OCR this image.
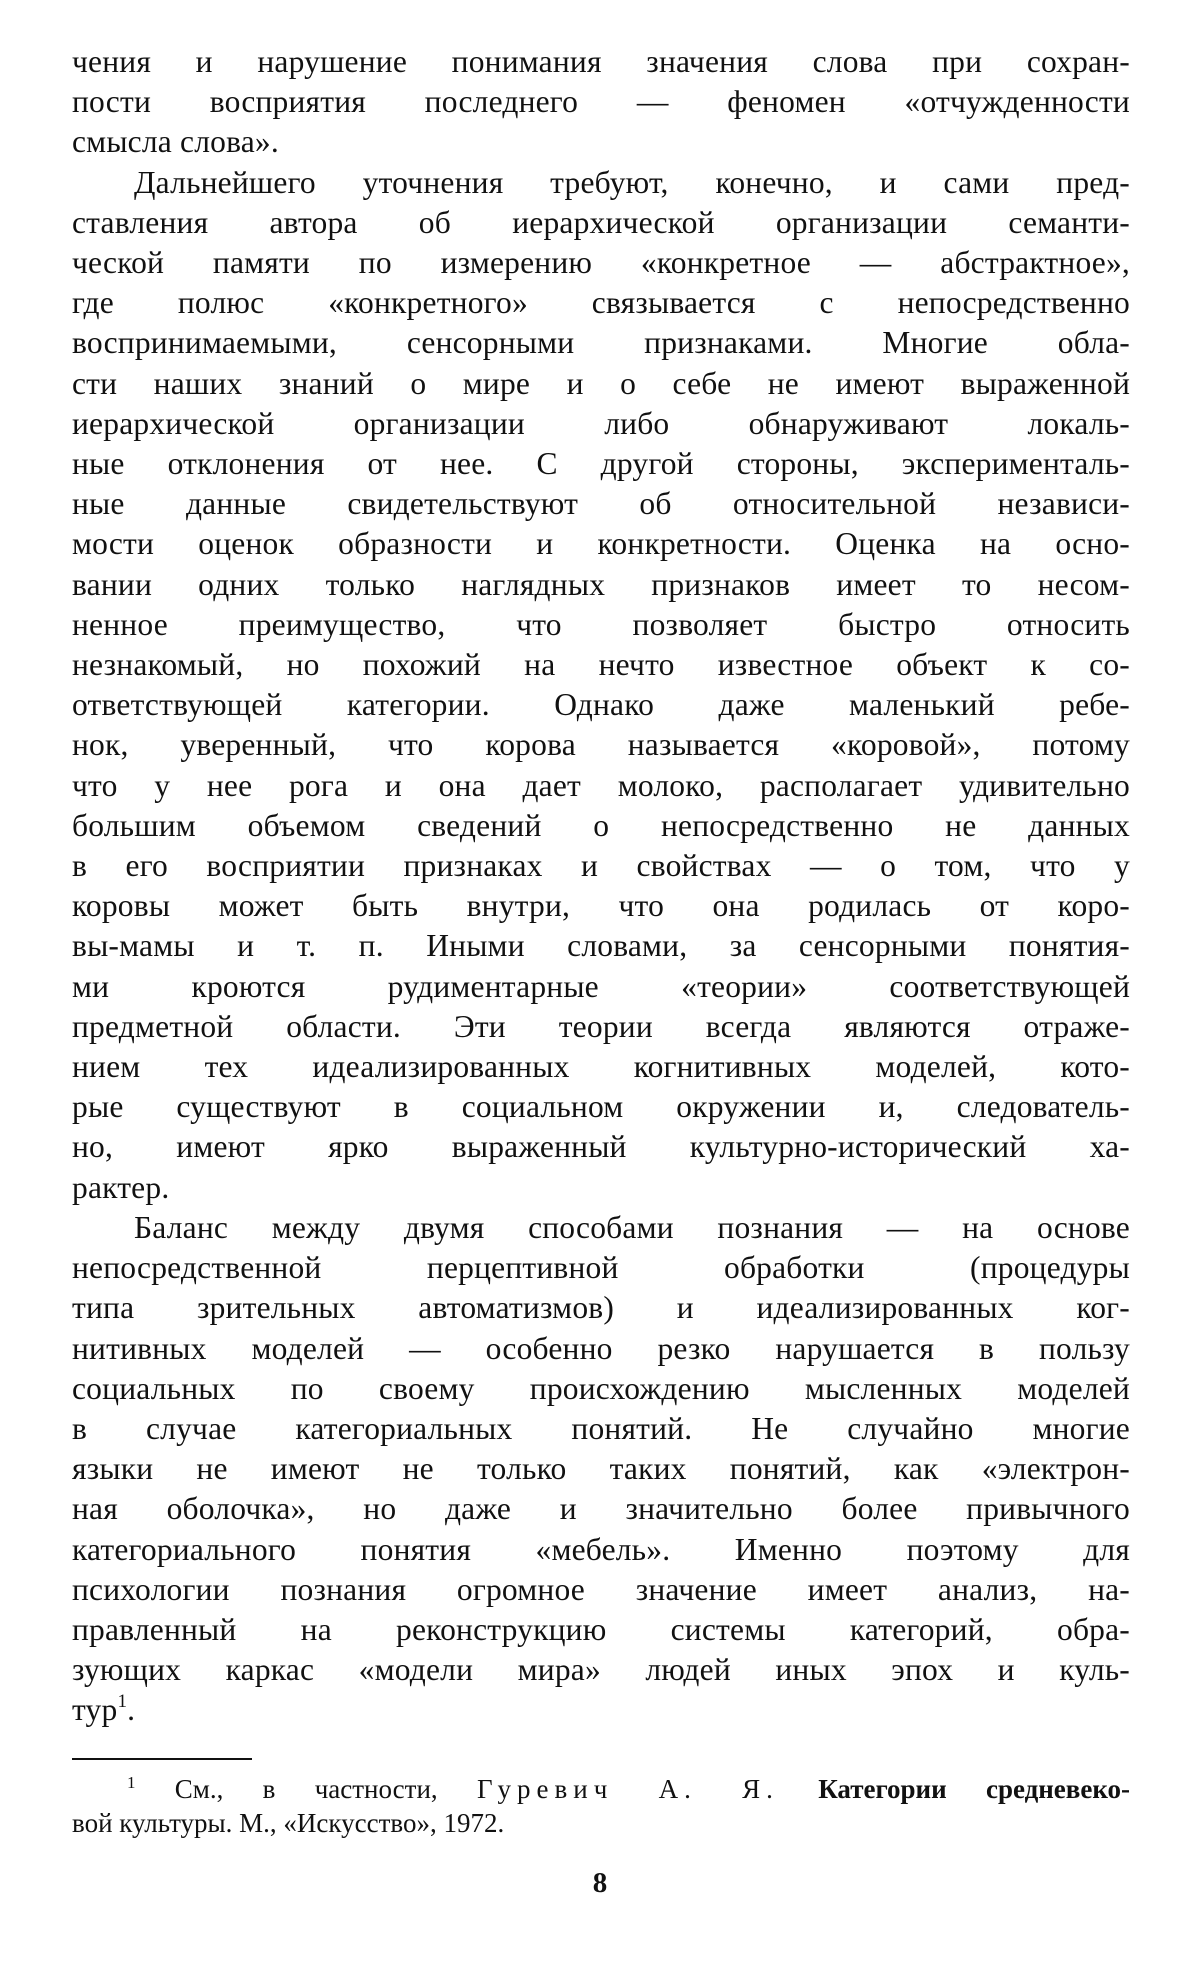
чения и нарушение понимания значения слова при сохран-
пости восприятия последнего — феномен «отчужденности
смысла слова».

Дальнейшего уточнения требуют, конечно, и сами пред-
ставления автора об иерархической организации семанти-
ческой памяти по измерению «конкретное — абстрактное»,
где полюс «конкретного» связывается с непосредственно
воспринимаемыми, сенсорными признаками. Многие обла-
сти наших знаний о мире и о себе не имеют выраженной
иерархической организации либо обнаруживают локаль-
ные отклонения от нее. С другой стороны, эксперименталь-
ные данные свидетельствуют об относительной независи-
мости оценок образности и конкретности. Оценка на осно-
вании одних только наглядных признаков имеет то несом-
ненное преимущество, что позволяет быстро относить
незнакомый, но похожий на нечто известное объект к со-
ответствующей категории. Однако даже маленький ребе-
нок, уверенный, что корова называется «коровой», потому
что у нее рога и она дает молоко, располагает удивительно
большим объемом сведений о непосредственно не данных
в его восприятии признаках и свойствах — о том, что у
коровы может быть внутри, что она родилась от коро-
вы-мамы и т. п. Иными словами, за сенсорными понятия-
ми кроются рудиментарные «теории» соответствующей
предметной области. Эти теории всегда являются отраже-
нием тех идеализированных когнитивных моделей, кото-
рые существуют в социальном окружении и, следователь-
но, имеют ярко выраженный культурно-исторический ха-
рактер.

Баланс между двумя способами познания — на основе
непосредственной перцептивной обработки (процедуры
типа зрительных автоматизмов) и идеализированных ког-
нитивных моделей — особенно резко нарушается в пользу
социальных по своему происхождению мысленных моделей
в случае категориальных понятий. Не случайно многие
языки не имеют не только таких понятий, как «электрон-
ная оболочка», но даже и значительно более привычного
категориального понятия «мебель». Именно поэтому для
психологии познания огромное значение имеет анализ, на-
правленный на реконструкцию системы категорий, обра-
зующих каркас «модели мира» людей иных эпох и куль-
тур$^1$.

$^1$ См., в частности, Гуревич А. Я. Категории средневеко-
вой культуры. М., «Искусство», 1972.
8
